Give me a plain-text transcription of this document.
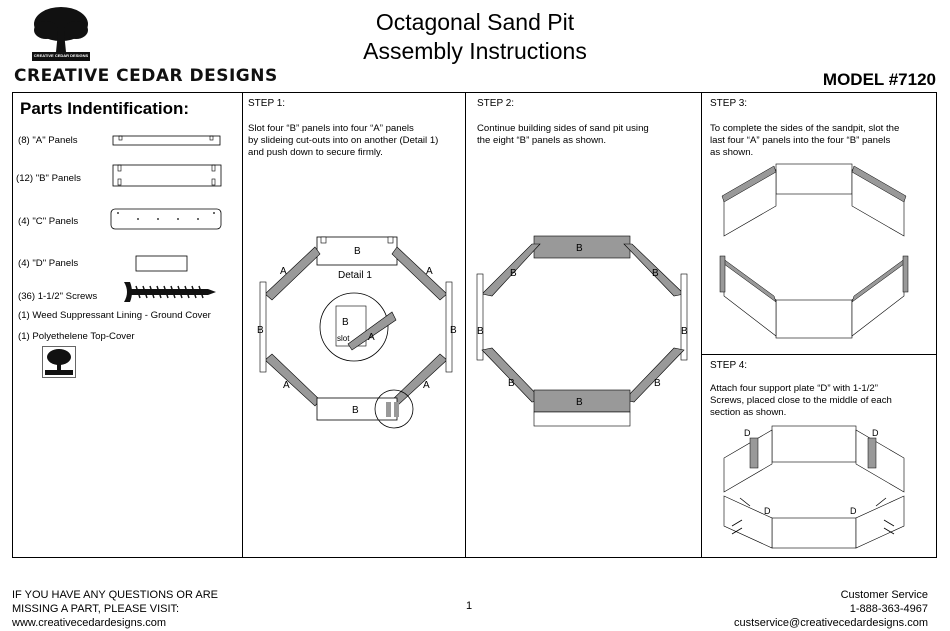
CREATIVE CEDAR DESIGNS
Octagonal Sand Pit
Assembly Instructions
CREATIVE CEDAR DESIGNS	MODEL #7120
Parts Indentification:
(8) "A" Panels
(12) "B" Panels
(4) "C" Panels
(4) "D" Panels
(36) 1-1/2" Screws
(1) Weed Suppressant Lining - Ground Cover
(1) Polyethelene Top-Cover
STEP 1:
Slot four “B” panels into four “A” panels
by slideing cut-outs into on another (Detail 1)
and push down to secure firmly.
B
A	A
A	A
B	B
B
Detail 1
B
A
slot
STEP 2:
Continue building sides of sand pit using
the eight “B” panels as shown.
B
B	B
B	B
B	B
B
STEP 3:
To complete the sides of the sandpit, slot the
last four “A” panels into the four “B” panels
as shown.
STEP 4:
Attach four support plate “D” with 1-1/2”
Screws, placed close to the middle of each
section as shown.
D	D
D	D
IF YOU HAVE ANY QUESTIONS OR ARE
MISSING A PART, PLEASE VISIT:
www.creativecedardesigns.com
1
Customer Service
1-888-363-4967
custservice@creativecedardesigns.com
